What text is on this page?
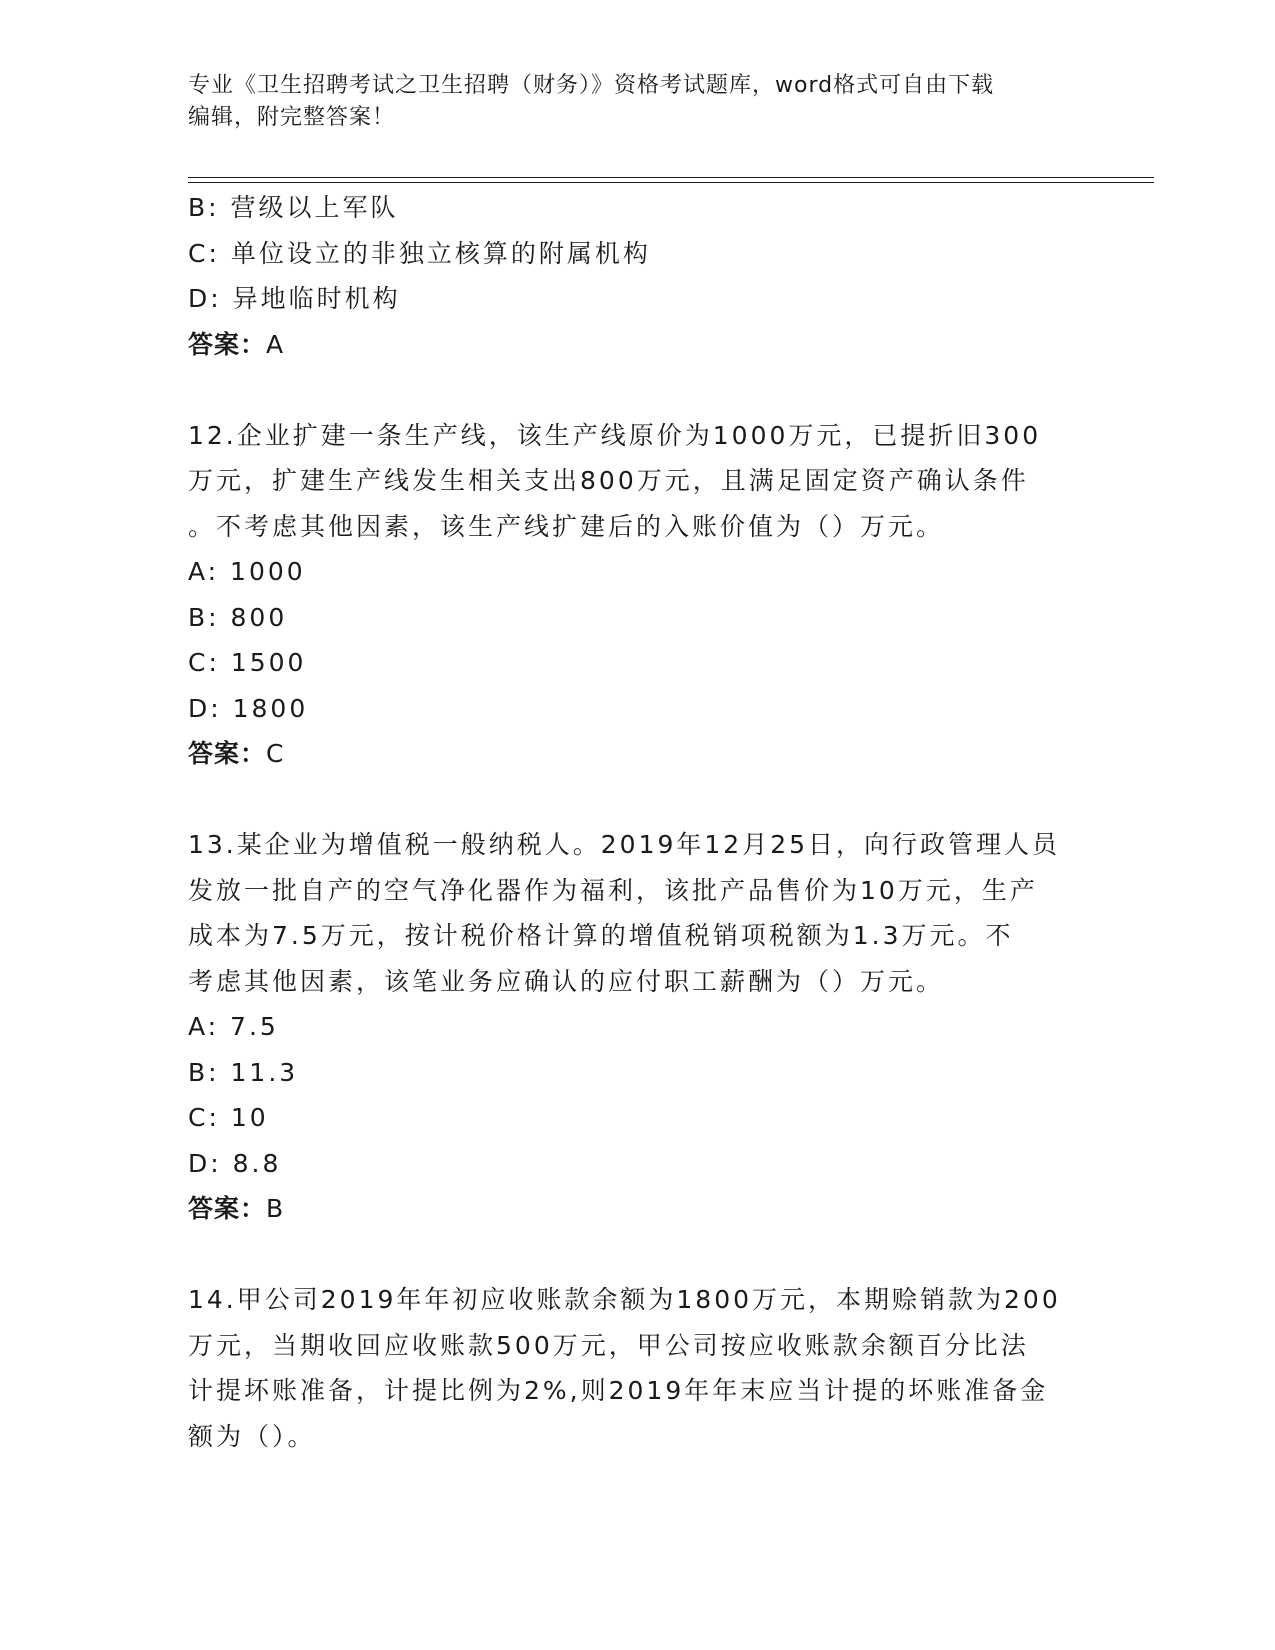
专业《卫生招聘考试之卫生招聘（财务）》资格考试题库，word格式可自由下载
编辑，附完整答案！
B: 营级以上军队
C: 单位设立的非独立核算的附属机构
D: 异地临时机构
答案：A
12.企业扩建一条生产线，该生产线原价为1000万元，已提折旧300
万元，扩建生产线发生相关支出800万元，且满足固定资产确认条件
。不考虑其他因素，该生产线扩建后的入账价值为（）万元。
A: 1000
B: 800
C: 1500
D: 1800
答案：C
13.某企业为增值税一般纳税人。2019年12月25日，向行政管理人员
发放一批自产的空气净化器作为福利，该批产品售价为10万元，生产
成本为7.5万元，按计税价格计算的增值税销项税额为1.3万元。不
考虑其他因素，该笔业务应确认的应付职工薪酬为（）万元。
A: 7.5
B: 11.3
C: 10
D: 8.8
答案：B
14.甲公司2019年年初应收账款余额为1800万元，本期赊销款为200
万元，当期收回应收账款500万元，甲公司按应收账款余额百分比法
计提坏账准备，计提比例为2%,则2019年年末应当计提的坏账准备金
额为（）。
